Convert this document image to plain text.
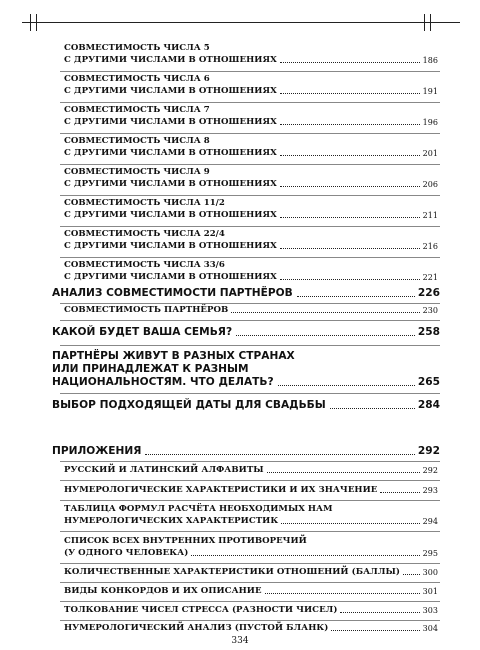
СОВМЕСТИМОСТЬ ЧИСЛА 5
С ДРУГИМИ ЧИСЛАМИ В ОТНОШЕНИЯХ	186
СОВМЕСТИМОСТЬ ЧИСЛА 6
С ДРУГИМИ ЧИСЛАМИ В ОТНОШЕНИЯХ	191
СОВМЕСТИМОСТЬ ЧИСЛА 7
С ДРУГИМИ ЧИСЛАМИ В ОТНОШЕНИЯХ	196
СОВМЕСТИМОСТЬ ЧИСЛА 8
С ДРУГИМИ ЧИСЛАМИ В ОТНОШЕНИЯХ	201
СОВМЕСТИМОСТЬ ЧИСЛА 9
С ДРУГИМИ ЧИСЛАМИ В ОТНОШЕНИЯХ	206
СОВМЕСТИМОСТЬ ЧИСЛА 11/2
С ДРУГИМИ ЧИСЛАМИ В ОТНОШЕНИЯХ	211
СОВМЕСТИМОСТЬ ЧИСЛА 22/4
С ДРУГИМИ ЧИСЛАМИ В ОТНОШЕНИЯХ	216
СОВМЕСТИМОСТЬ ЧИСЛА 33/6
С ДРУГИМИ ЧИСЛАМИ В ОТНОШЕНИЯХ	221
АНАЛИЗ СОВМЕСТИМОСТИ ПАРТНЁРОВ	226
СОВМЕСТИМОСТЬ ПАРТНЁРОВ	230
КАКОЙ БУДЕТ ВАША СЕМЬЯ?	258
ПАРТНЁРЫ ЖИВУТ В РАЗНЫХ СТРАНАХ
ИЛИ ПРИНАДЛЕЖАТ К РАЗНЫМ
НАЦИОНАЛЬНОСТЯМ. ЧТО ДЕЛАТЬ?	265
ВЫБОР ПОДХОДЯЩЕЙ ДАТЫ ДЛЯ СВАДЬБЫ	284
ПРИЛОЖЕНИЯ	292
РУССКИЙ И ЛАТИНСКИЙ АЛФАВИТЫ	292
НУМЕРОЛОГИЧЕСКИЕ ХАРАКТЕРИСТИКИ И ИХ ЗНАЧЕНИЕ	293
ТАБЛИЦА ФОРМУЛ РАСЧЁТА НЕОБХОДИМЫХ НАМ
НУМЕРОЛОГИЧЕСКИХ ХАРАКТЕРИСТИК	294
СПИСОК ВСЕХ ВНУТРЕННИХ ПРОТИВОРЕЧИЙ
(У ОДНОГО ЧЕЛОВЕКА)	295
КОЛИЧЕСТВЕННЫЕ ХАРАКТЕРИСТИКИ ОТНОШЕНИЙ (БАЛЛЫ)	300
ВИДЫ КОНКОРДОВ И ИХ ОПИСАНИЕ	301
ТОЛКОВАНИЕ ЧИСЕЛ СТРЕССА (РАЗНОСТИ ЧИСЕЛ)	303
НУМЕРОЛОГИЧЕСКИЙ АНАЛИЗ (ПУСТОЙ БЛАНК)	304
334
